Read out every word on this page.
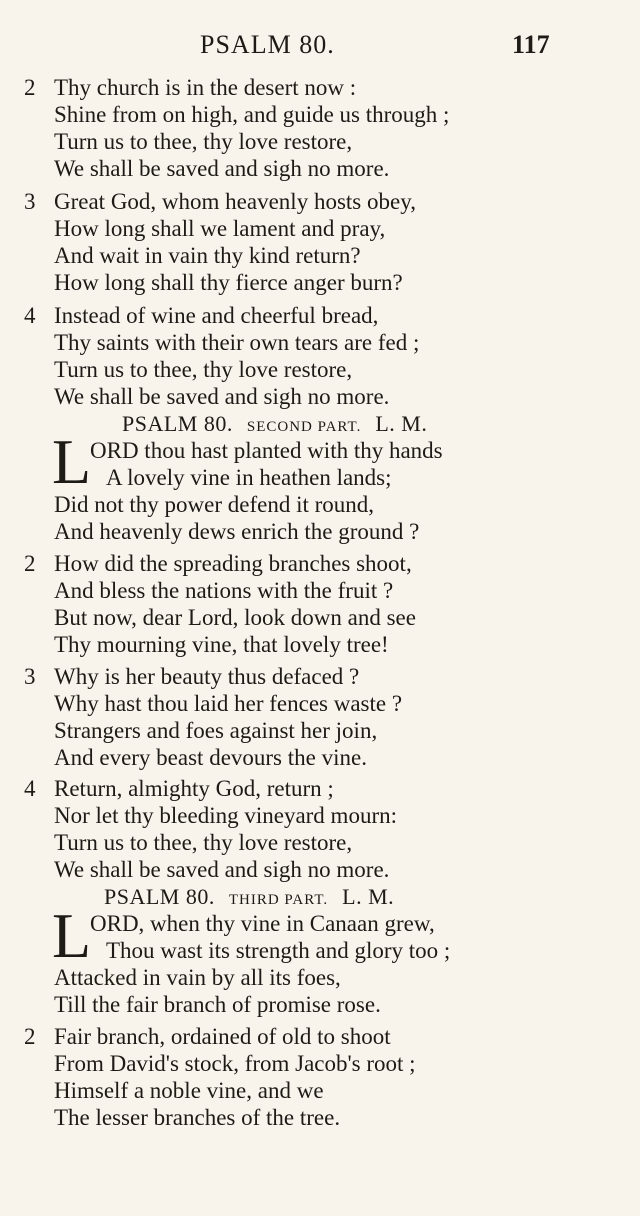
PSALM 80.	117
2 Thy church is in the desert now :
Shine from on high, and guide us through ;
Turn us to thee, thy love restore,
We shall be saved and sigh no more.
3 Great God, whom heavenly hosts obey,
How long shall we lament and pray,
And wait in vain thy kind return?
How long shall thy fierce anger burn?
4 Instead of wine and cheerful bread,
Thy saints with their own tears are fed ;
Turn us to thee, thy love restore,
We shall be saved and sigh no more.
PSALM 80. SECOND PART. L. M.
L
ORD thou hast planted with thy hands
A lovely vine in heathen lands;
Did not thy power defend it round,
And heavenly dews enrich the ground ?
2 How did the spreading branches shoot,
And bless the nations with the fruit ?
But now, dear Lord, look down and see
Thy mourning vine, that lovely tree!
3 Why is her beauty thus defaced ?
Why hast thou laid her fences waste ?
Strangers and foes against her join,
And every beast devours the vine.
4 Return, almighty God, return ;
Nor let thy bleeding vineyard mourn:
Turn us to thee, thy love restore,
We shall be saved and sigh no more.
PSALM 80. THIRD PART. L. M.
L
ORD, when thy vine in Canaan grew,
Thou wast its strength and glory too ;
Attacked in vain by all its foes,
Till the fair branch of promise rose.
2 Fair branch, ordained of old to shoot
From David's stock, from Jacob's root ;
Himself a noble vine, and we
The lesser branches of the tree.
